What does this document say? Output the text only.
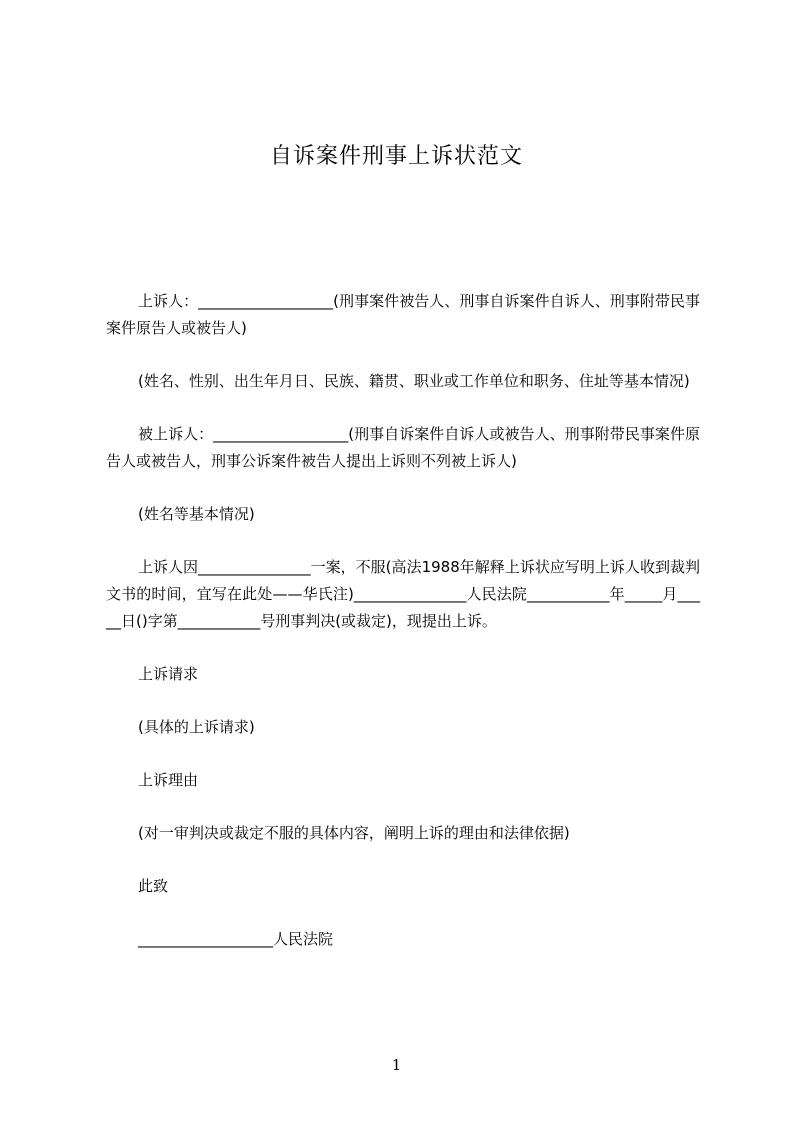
自诉案件刑事上诉状范文

上诉人：__________________(刑事案件被告人、刑事自诉案件自诉人、刑事附带民事案件原告人或被告人)

(姓名、性别、出生年月日、民族、籍贯、职业或工作单位和职务、住址等基本情况)

被上诉人：__________________(刑事自诉案件自诉人或被告人、刑事附带民事案件原告人或被告人，刑事公诉案件被告人提出上诉则不列被上诉人)

(姓名等基本情况)

上诉人因_______________一案，不服(高法1988年解释上诉状应写明上诉人收到裁判文书的时间，宜写在此处——华氏注)_______________人民法院___________年_____月_____日()字第___________号刑事判决(或裁定)，现提出上诉。

上诉请求

(具体的上诉请求)

上诉理由

(对一审判决或裁定不服的具体内容，阐明上诉的理由和法律依据)

此致

__________________人民法院

1
